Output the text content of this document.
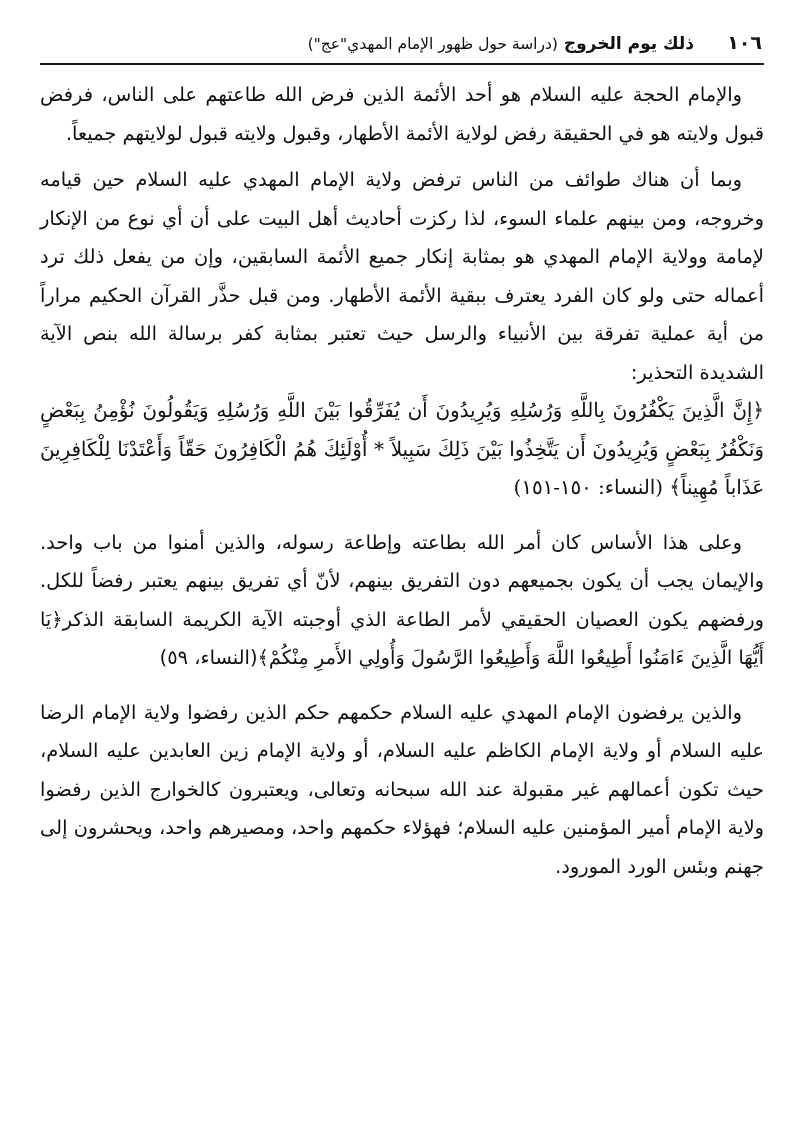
١٠٦
ذلك يوم الخروج (دراسة حول ظهور الإمام المهدي"عج")

والإمام الحجة عليه السلام هو أحد الأئمة الذين فرض الله طاعتهم على الناس، فرفض قبول ولايته هو في الحقيقة رفض لولاية الأئمة الأطهار، وقبول ولايته قبول لولايتهم جميعاً.

وبما أن هناك طوائف من الناس ترفض ولاية الإمام المهدي عليه السلام حين قيامه وخروجه، ومن بينهم علماء السوء، لذا ركزت أحاديث أهل البيت على أن أي نوع من الإنكار لإمامة وولاية الإمام المهدي هو بمثابة إنكار جميع الأئمة السابقين، وإن من يفعل ذلك ترد أعماله حتى ولو كان الفرد يعترف ببقية الأئمة الأطهار. ومن قبل حذَّر القرآن الحكيم مراراً من أية عملية تفرقة بين الأنبياء والرسل حيث تعتبر بمثابة كفر برسالة الله بنص الآية الشديدة التحذير:

﴿إِنَّ الَّذِينَ يَكْفُرُونَ بِاللَّهِ وَرُسُلِهِ وَيُرِيدُونَ أَن يُفَرِّقُوا بَيْنَ اللَّهِ وَرُسُلِهِ وَيَقُولُونَ نُؤْمِنُ بِبَعْضٍ وَنَكْفُرُ بِبَعْضٍ وَيُرِيدُونَ أَن يَتَّخِذُوا بَيْنَ ذَلِكَ سَبِيلاً * أُوْلَئِكَ هُمُ الْكَافِرُونَ حَقّاً وَأَعْتَدْنَا لِلْكَافِرِينَ عَذَاباً مُهِيناً﴾ (النساء: ١٥٠-١٥١)

وعلى هذا الأساس كان أمر الله بطاعته وإطاعة رسوله، والذين أمنوا من باب واحد. والإيمان يجب أن يكون بجميعهم دون التفريق بينهم، لأنّ أي تفريق بينهم يعتبر رفضاً للكل. ورفضهم يكون العصيان الحقيقي لأمر الطاعة الذي أوجبته الآية الكريمة السابقة الذكر﴿يَا أَيُّهَا الَّذِينَ ءَامَنُوا أَطِيعُوا اللَّهَ وَأَطِيعُوا الرَّسُولَ وَأُولِي الأَمرِ مِنْكُمْ﴾(النساء، ٥٩)

والذين يرفضون الإمام المهدي عليه السلام حكمهم حكم الذين رفضوا ولاية الإمام الرضا عليه السلام أو ولاية الإمام الكاظم عليه السلام، أو ولاية الإمام زين العابدين عليه السلام، حيث تكون أعمالهم غير مقبولة عند الله سبحانه وتعالى، ويعتبرون كالخوارج الذين رفضوا ولاية الإمام أمير المؤمنين عليه السلام؛ فهؤلاء حكمهم واحد، ومصيرهم واحد، ويحشرون إلى جهنم وبئس الورد المورود.
